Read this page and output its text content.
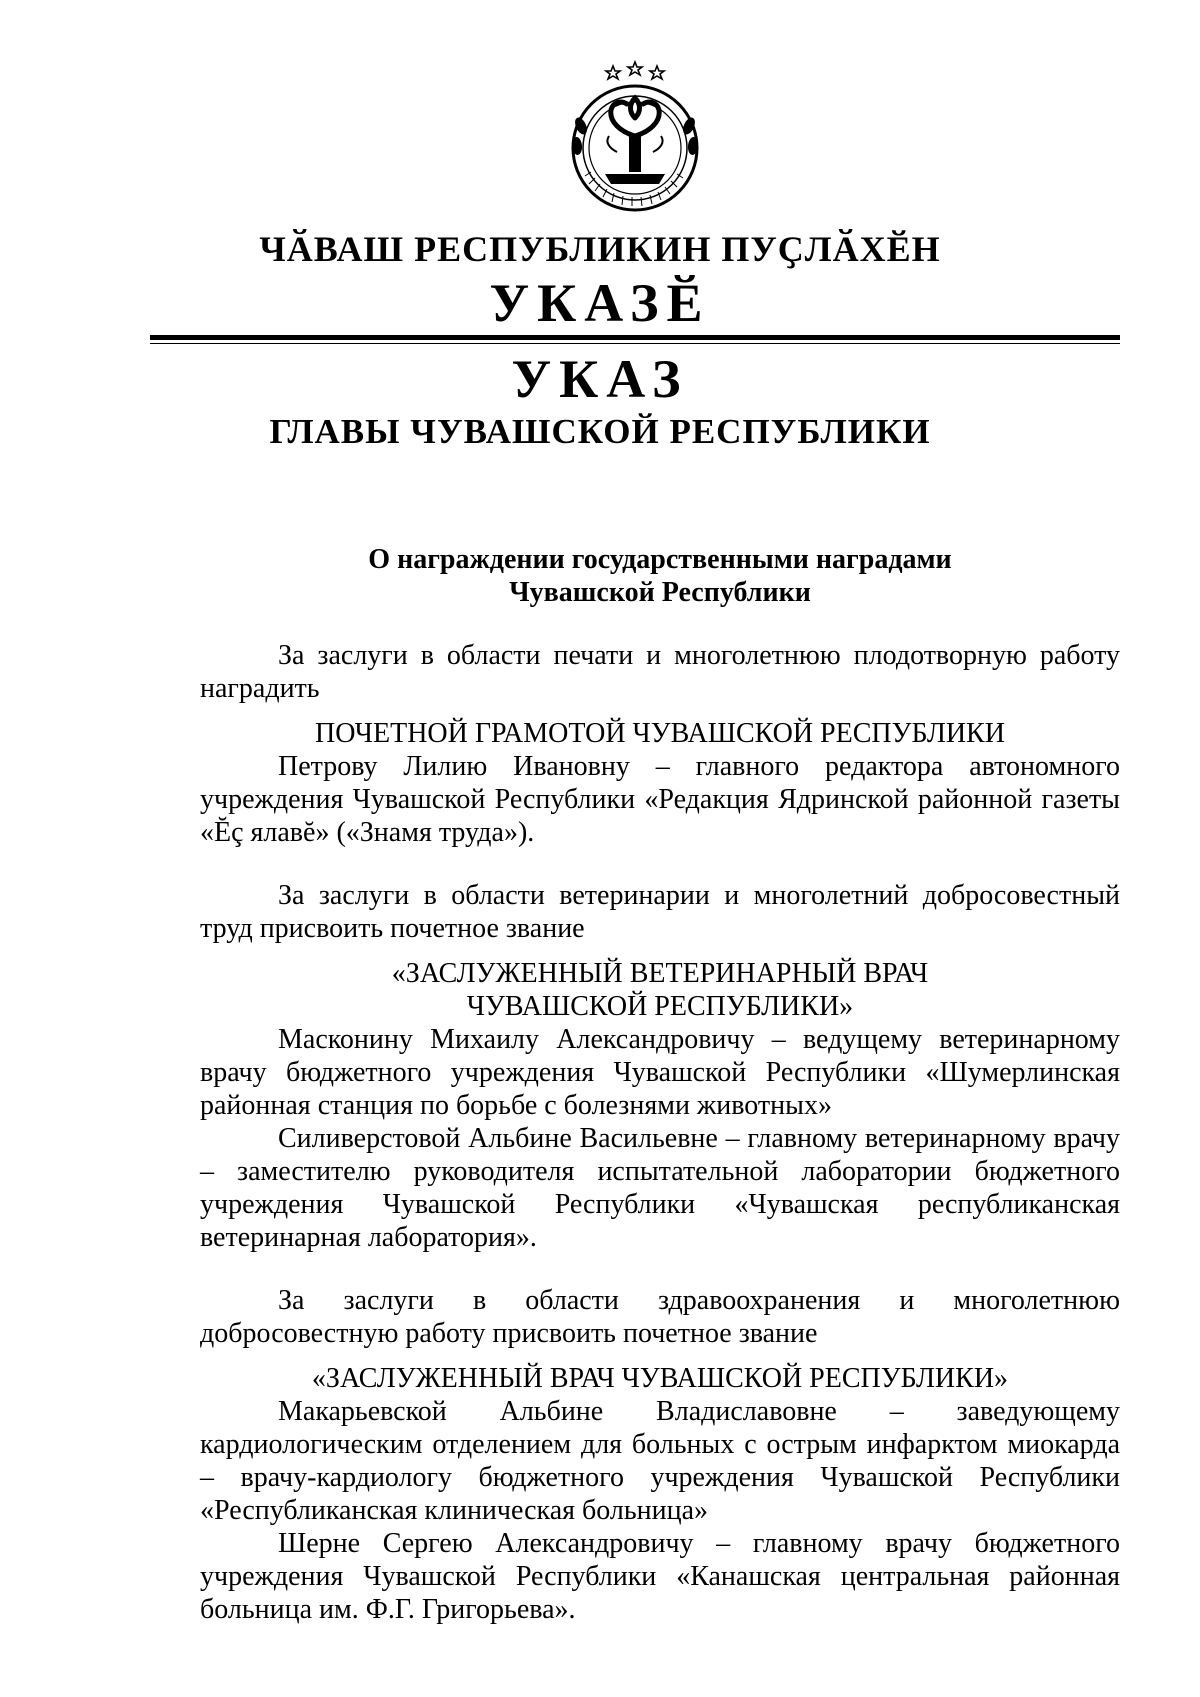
ЧӐВАШ РЕСПУБЛИКИН ПУҪЛӐХӖН
УКАЗӖ
УКАЗ
ГЛАВЫ ЧУВАШСКОЙ РЕСПУБЛИКИ
О награждении государственными наградами
Чувашской Республики
За заслуги в области печати и многолетнюю плодотворную работу наградить
ПОЧЕТНОЙ ГРАМОТОЙ ЧУВАШСКОЙ РЕСПУБЛИКИ
Петрову Лилию Ивановну – главного редактора автономного учреждения Чувашской Республики «Редакция Ядринской районной газеты «Ĕç ялавĕ» («Знамя труда»).
За заслуги в области ветеринарии и многолетний добросовестный труд присвоить почетное звание
«ЗАСЛУЖЕННЫЙ ВЕТЕРИНАРНЫЙ ВРАЧ
ЧУВАШСКОЙ РЕСПУБЛИКИ»
Масконину Михаилу Александровичу – ведущему ветеринарному врачу бюджетного учреждения Чувашской Республики «Шумерлинская районная станция по борьбе с болезнями животных»
Силиверстовой Альбине Васильевне – главному ветеринарному врачу – заместителю руководителя испытательной лаборатории бюджетного учреждения Чувашской Республики «Чувашская республиканская ветеринарная лаборатория».
За заслуги в области здравоохранения и многолетнюю добросовестную работу присвоить почетное звание
«ЗАСЛУЖЕННЫЙ ВРАЧ ЧУВАШСКОЙ РЕСПУБЛИКИ»
Макарьевской Альбине Владиславовне – заведующему кардиологическим отделением для больных с острым инфарктом миокарда – врачу-кардиологу бюджетного учреждения Чувашской Республики «Республиканская клиническая больница»
Шерне Сергею Александровичу – главному врачу бюджетного учреждения Чувашской Республики «Канашская центральная районная больница им. Ф.Г. Григорьева».
